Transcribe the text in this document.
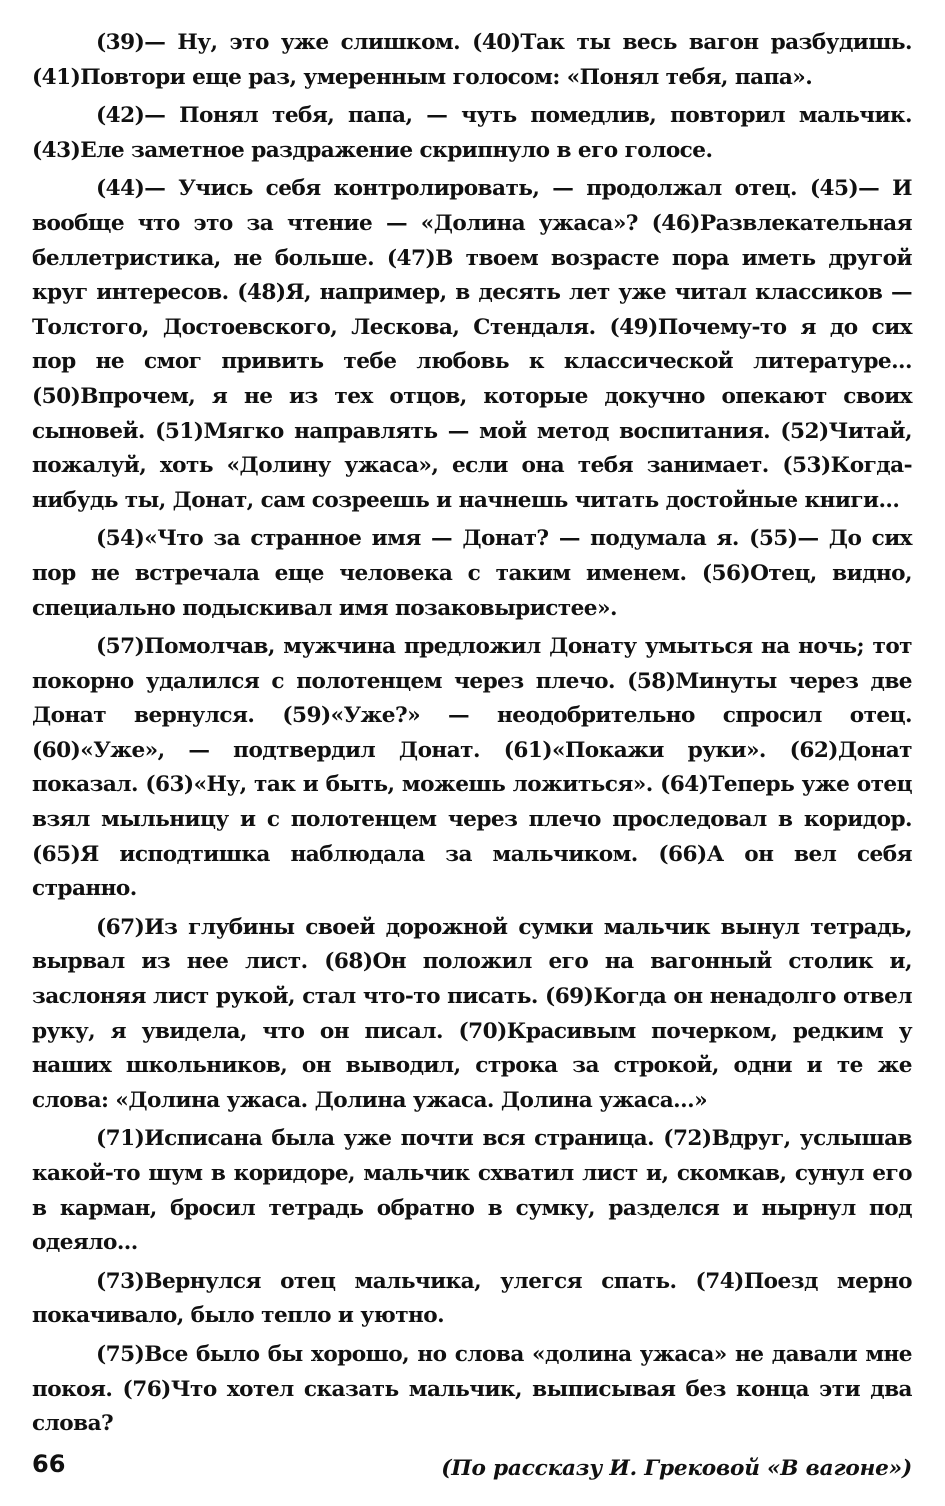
(39)— Ну, это уже слишком. (40)Так ты весь вагон разбудишь. (41)Повтори еще раз, умеренным голосом: «Понял тебя, папа».

(42)— Понял тебя, папа, — чуть помедлив, повторил мальчик. (43)Еле заметное раздражение скрипнуло в его голосе.

(44)— Учись себя контролировать, — продолжал отец. (45)— И вообще что это за чтение — «Долина ужаса»? (46)Развлекательная беллетристика, не больше. (47)В твоем возрасте пора иметь другой круг интересов. (48)Я, например, в десять лет уже читал классиков — Толстого, Достоевского, Лескова, Стендаля. (49)Почему-то я до сих пор не смог привить тебе любовь к классической литературе... (50)Впрочем, я не из тех отцов, которые докучно опекают своих сыновей. (51)Мягко направлять — мой метод воспитания. (52)Читай, пожалуй, хоть «Долину ужаса», если она тебя занимает. (53)Когда-нибудь ты, Донат, сам созреешь и начнешь читать достойные книги...

(54)«Что за странное имя — Донат? — подумала я. (55)— До сих пор не встречала еще человека с таким именем. (56)Отец, видно, специально подыскивал имя позаковыристее».

(57)Помолчав, мужчина предложил Донату умыться на ночь; тот покорно удалился с полотенцем через плечо. (58)Минуты через две Донат вернулся. (59)«Уже?» — неодобрительно спросил отец. (60)«Уже», — подтвердил Донат. (61)«Покажи руки». (62)Донат показал. (63)«Ну, так и быть, можешь ложиться». (64)Теперь уже отец взял мыльницу и с полотенцем через плечо проследовал в коридор. (65)Я исподтишка наблюдала за мальчиком. (66)А он вел себя странно.

(67)Из глубины своей дорожной сумки мальчик вынул тетрадь, вырвал из нее лист. (68)Он положил его на вагонный столик и, заслоняя лист рукой, стал что-то писать. (69)Когда он ненадолго отвел руку, я увидела, что он писал. (70)Красивым почерком, редким у наших школьников, он выводил, строка за строкой, одни и те же слова: «Долина ужаса. Долина ужаса. Долина ужаса...»

(71)Исписана была уже почти вся страница. (72)Вдруг, услышав какой-то шум в коридоре, мальчик схватил лист и, скомкав, сунул его в карман, бросил тетрадь обратно в сумку, разделся и нырнул под одеяло...

(73)Вернулся отец мальчика, улегся спать. (74)Поезд мерно покачивало, было тепло и уютно.

(75)Все было бы хорошо, но слова «долина ужаса» не давали мне покоя. (76)Что хотел сказать мальчик, выписывая без конца эти два слова?

(По рассказу И. Грековой «В вагоне»)

66
